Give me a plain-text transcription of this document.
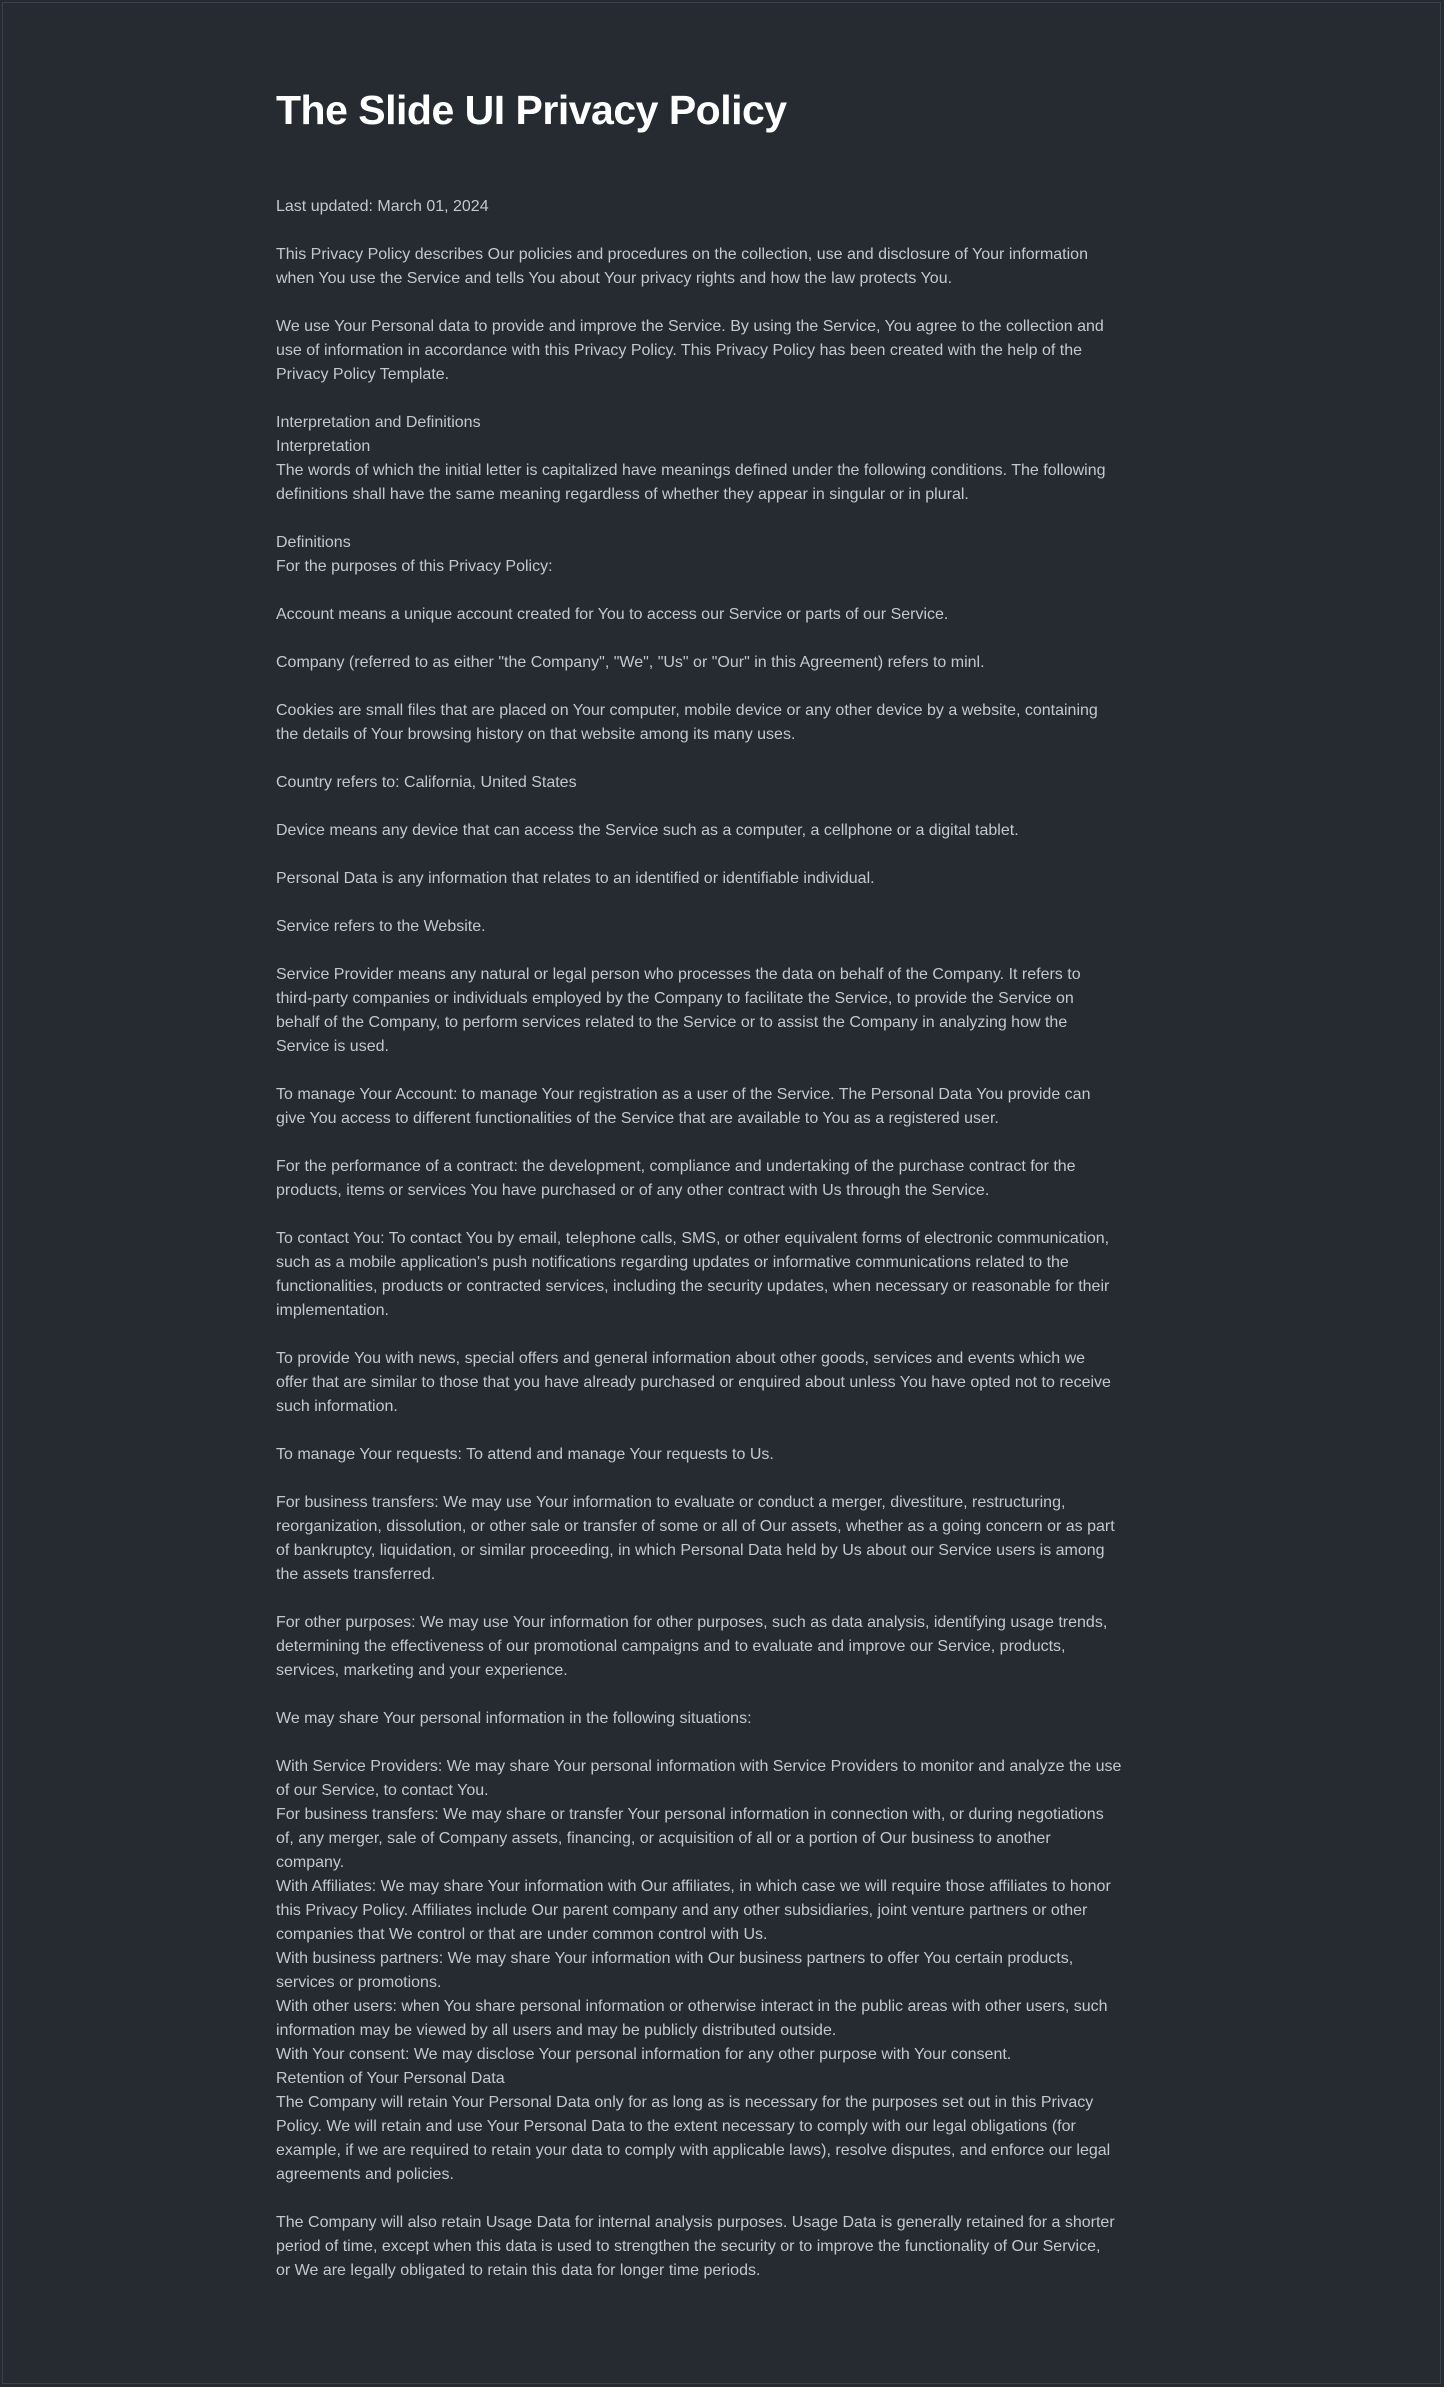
The Slide UI Privacy Policy
Last updated: March 01, 2024
This Privacy Policy describes Our policies and procedures on the collection, use and disclosure of Your information
when You use the Service and tells You about Your privacy rights and how the law protects You.
We use Your Personal data to provide and improve the Service. By using the Service, You agree to the collection and
use of information in accordance with this Privacy Policy. This Privacy Policy has been created with the help of the
Privacy Policy Template.
Interpretation and Definitions
Interpretation
The words of which the initial letter is capitalized have meanings defined under the following conditions. The following
definitions shall have the same meaning regardless of whether they appear in singular or in plural.
Definitions
For the purposes of this Privacy Policy:
Account means a unique account created for You to access our Service or parts of our Service.
Company (referred to as either "the Company", "We", "Us" or "Our" in this Agreement) refers to minl.
Cookies are small files that are placed on Your computer, mobile device or any other device by a website, containing
the details of Your browsing history on that website among its many uses.
Country refers to: California, United States
Device means any device that can access the Service such as a computer, a cellphone or a digital tablet.
Personal Data is any information that relates to an identified or identifiable individual.
Service refers to the Website.
Service Provider means any natural or legal person who processes the data on behalf of the Company. It refers to
third-party companies or individuals employed by the Company to facilitate the Service, to provide the Service on
behalf of the Company, to perform services related to the Service or to assist the Company in analyzing how the
Service is used.
To manage Your Account: to manage Your registration as a user of the Service. The Personal Data You provide can
give You access to different functionalities of the Service that are available to You as a registered user.
For the performance of a contract: the development, compliance and undertaking of the purchase contract for the
products, items or services You have purchased or of any other contract with Us through the Service.
To contact You: To contact You by email, telephone calls, SMS, or other equivalent forms of electronic communication,
such as a mobile application's push notifications regarding updates or informative communications related to the
functionalities, products or contracted services, including the security updates, when necessary or reasonable for their
implementation.
To provide You with news, special offers and general information about other goods, services and events which we
offer that are similar to those that you have already purchased or enquired about unless You have opted not to receive
such information.
To manage Your requests: To attend and manage Your requests to Us.
For business transfers: We may use Your information to evaluate or conduct a merger, divestiture, restructuring,
reorganization, dissolution, or other sale or transfer of some or all of Our assets, whether as a going concern or as part
of bankruptcy, liquidation, or similar proceeding, in which Personal Data held by Us about our Service users is among
the assets transferred.
For other purposes: We may use Your information for other purposes, such as data analysis, identifying usage trends,
determining the effectiveness of our promotional campaigns and to evaluate and improve our Service, products,
services, marketing and your experience.
We may share Your personal information in the following situations:
With Service Providers: We may share Your personal information with Service Providers to monitor and analyze the use
of our Service, to contact You.
For business transfers: We may share or transfer Your personal information in connection with, or during negotiations
of, any merger, sale of Company assets, financing, or acquisition of all or a portion of Our business to another
company.
With Affiliates: We may share Your information with Our affiliates, in which case we will require those affiliates to honor
this Privacy Policy. Affiliates include Our parent company and any other subsidiaries, joint venture partners or other
companies that We control or that are under common control with Us.
With business partners: We may share Your information with Our business partners to offer You certain products,
services or promotions.
With other users: when You share personal information or otherwise interact in the public areas with other users, such
information may be viewed by all users and may be publicly distributed outside.
With Your consent: We may disclose Your personal information for any other purpose with Your consent.
Retention of Your Personal Data
The Company will retain Your Personal Data only for as long as is necessary for the purposes set out in this Privacy
Policy. We will retain and use Your Personal Data to the extent necessary to comply with our legal obligations (for
example, if we are required to retain your data to comply with applicable laws), resolve disputes, and enforce our legal
agreements and policies.
The Company will also retain Usage Data for internal analysis purposes. Usage Data is generally retained for a shorter
period of time, except when this data is used to strengthen the security or to improve the functionality of Our Service,
or We are legally obligated to retain this data for longer time periods.
